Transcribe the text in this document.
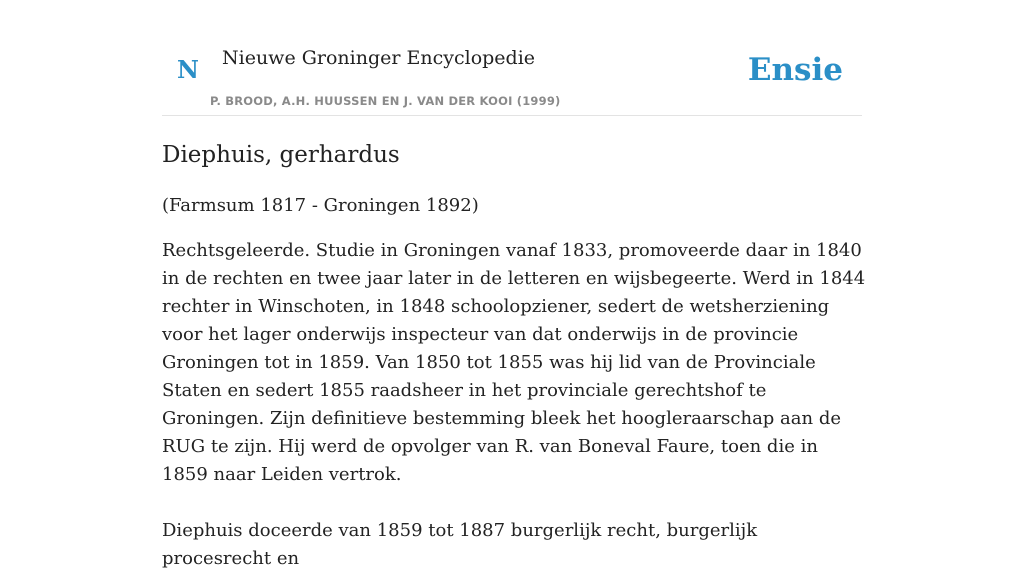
N Nieuwe Groninger Encyclopedie
P. BROOD, A.H. HUUSSEN EN J. VAN DER KOOI (1999)
Ensie
Diephuis, gerhardus
(Farmsum 1817 - Groningen 1892)

Rechtsgeleerde. Studie in Groningen vanaf 1833, promoveerde daar in 1840 in de rechten en twee jaar later in de letteren en wijsbegeerte. Werd in 1844 rechter in Winschoten, in 1848 schoolopziener, sedert de wetsherziening voor het lager onderwijs inspecteur van dat onderwijs in de provincie Groningen tot in 1859. Van 1850 tot 1855 was hij lid van de Provinciale Staten en sedert 1855 raadsheer in het provinciale gerechtshof te Groningen. Zijn definitieve bestemming bleek het hoogleraarschap aan de RUG te zijn. Hij werd de opvolger van R. van Boneval Faure, toen die in 1859 naar Leiden vertrok.

Diephuis doceerde van 1859 tot 1887 burgerlijk recht, burgerlijk procesrecht en
